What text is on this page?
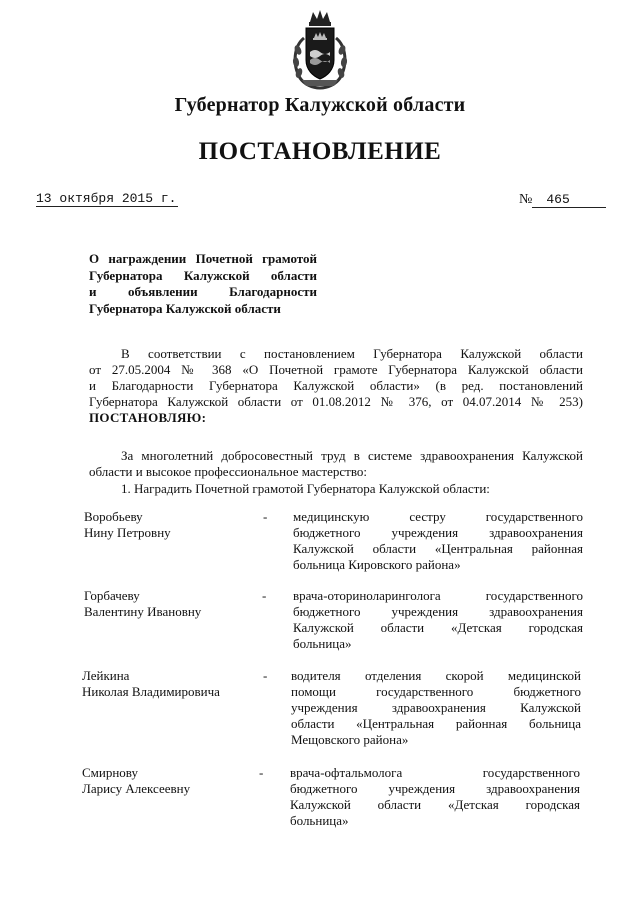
Губернатор Калужской области
ПОСТАНОВЛЕНИЕ
13 октября 2015 г.	№ 465
О награждении Почетной грамотой
Губернатора Калужской области
и объявлении Благодарности
Губернатора Калужской области
В соответствии с постановлением Губернатора Калужской области
от 27.05.2004 № 368 «О Почетной грамоте Губернатора Калужской области
и Благодарности Губернатора Калужской области» (в ред. постановлений
Губернатора Калужской области от 01.08.2012 № 376, от 04.07.2014 № 253)
ПОСТАНОВЛЯЮ:
За многолетний добросовестный труд в системе здравоохранения Калужской
области и высокое профессиональное мастерство:
1. Наградить Почетной грамотой Губернатора Калужской области:
Воробьеву
Нину Петровну
- медицинскую сестру государственного
бюджетного учреждения здравоохранения
Калужской области «Центральная районная
больница Кировского района»
Горбачеву
Валентину Ивановну
- врача-оториноларинголога государственного
бюджетного учреждения здравоохранения
Калужской области «Детская городская
больница»
Лейкина
Николая Владимировича
- водителя отделения скорой медицинской
помощи государственного бюджетного
учреждения здравоохранения Калужской
области «Центральная районная больница
Мещовского района»
Смирнову
Ларису Алексеевну
- врача-офтальмолога государственного
бюджетного учреждения здравоохранения
Калужской области «Детская городская
больница»
